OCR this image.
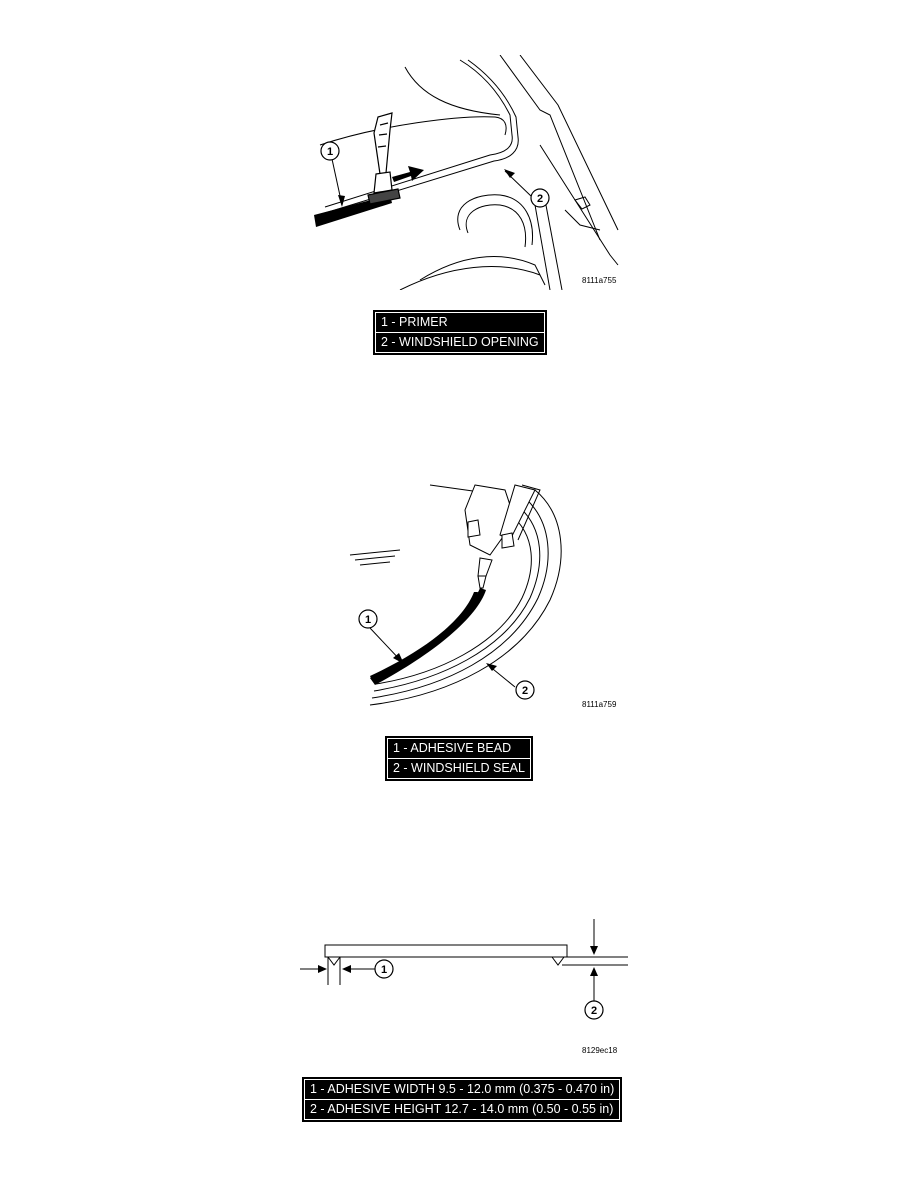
1
2
8111a755
1 - PRIMER
2 - WINDSHIELD OPENING
1
2
8111a759
1 - ADHESIVE BEAD
2 - WINDSHIELD SEAL
1
2
8129ec18
1 - ADHESIVE WIDTH 9.5 - 12.0 mm (0.375 - 0.470 in)
2 - ADHESIVE HEIGHT 12.7 - 14.0 mm (0.50 - 0.55 in)
